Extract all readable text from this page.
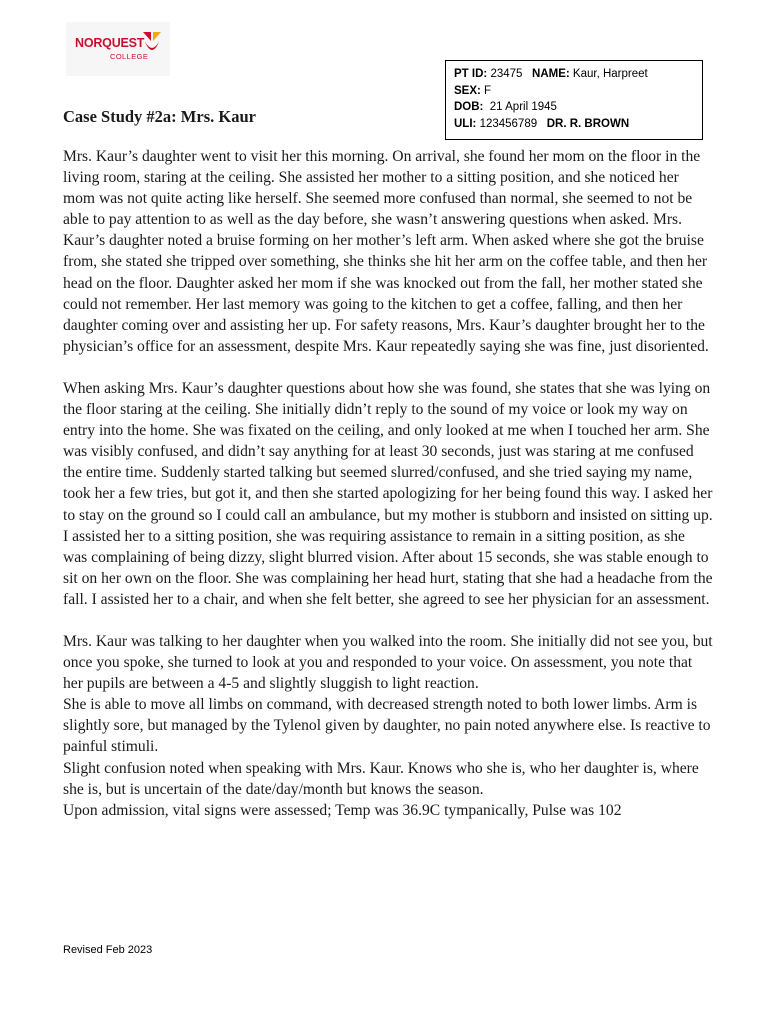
NORQUEST
COLLEGE
PT ID: 23475 NAME: Kaur, Harpreet
SEX: F
DOB: 21 April 1945
ULI: 123456789 DR. R. BROWN
Case Study #2a: Mrs. Kaur

Mrs. Kaur’s daughter went to visit her this morning. On arrival, she found her mom on the floor in the living room, staring at the ceiling. She assisted her mother to a sitting position, and she noticed her mom was not quite acting like herself. She seemed more confused than normal, she seemed to not be able to pay attention to as well as the day before, she wasn’t answering questions when asked. Mrs. Kaur’s daughter noted a bruise forming on her mother’s left arm. When asked where she got the bruise from, she stated she tripped over something, she thinks she hit her arm on the coffee table, and then her head on the floor. Daughter asked her mom if she was knocked out from the fall, her mother stated she could not remember. Her last memory was going to the kitchen to get a coffee, falling, and then her daughter coming over and assisting her up. For safety reasons, Mrs. Kaur’s daughter brought her to the physician’s office for an assessment, despite Mrs. Kaur repeatedly saying she was fine, just disoriented.

When asking Mrs. Kaur’s daughter questions about how she was found, she states that she was lying on the floor staring at the ceiling. She initially didn’t reply to the sound of my voice or look my way on entry into the home. She was fixated on the ceiling, and only looked at me when I touched her arm. She was visibly confused, and didn’t say anything for at least 30 seconds, just was staring at me confused the entire time. Suddenly started talking but seemed slurred/confused, and she tried saying my name, took her a few tries, but got it, and then she started apologizing for her being found this way. I asked her to stay on the ground so I could call an ambulance, but my mother is stubborn and insisted on sitting up. I assisted her to a sitting position, she was requiring assistance to remain in a sitting position, as she was complaining of being dizzy, slight blurred vision. After about 15 seconds, she was stable enough to sit on her own on the floor. She was complaining her head hurt, stating that she had a headache from the fall. I assisted her to a chair, and when she felt better, she agreed to see her physician for an assessment.

Mrs. Kaur was talking to her daughter when you walked into the room. She initially did not see you, but once you spoke, she turned to look at you and responded to your voice. On assessment, you note that her pupils are between a 4-5 and slightly sluggish to light reaction.

She is able to move all limbs on command, with decreased strength noted to both lower limbs. Arm is slightly sore, but managed by the Tylenol given by daughter, no pain noted anywhere else. Is reactive to painful stimuli.

Slight confusion noted when speaking with Mrs. Kaur. Knows who she is, who her daughter is, where she is, but is uncertain of the date/day/month but knows the season.

Upon admission, vital signs were assessed; Temp was 36.9C tympanically, Pulse was 102

Revised Feb 2023
